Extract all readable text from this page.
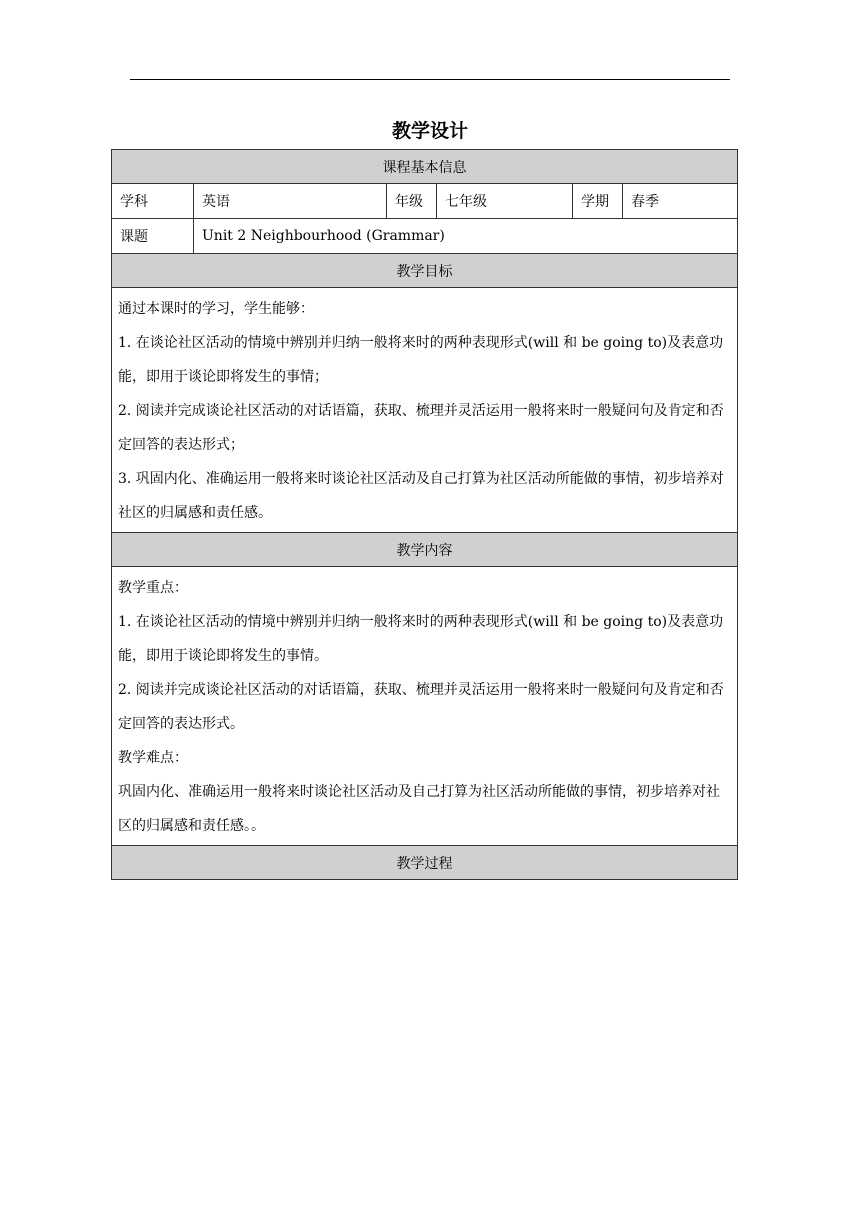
教学设计
课程基本信息					
学科	英语	年级	七年级	学期	春季
课题	Unit 2 Neighbourhood (Grammar)				
教学目标					

通过本课时的学习，学生能够：

1. 在谈论社区活动的情境中辨别并归纳一般将来时的两种表现形式(will 和 be going to)及表意功能，即用于谈论即将发生的事情；

2. 阅读并完成谈论社区活动的对话语篇，获取、梳理并灵活运用一般将来时一般疑问句及肯定和否定回答的表达形式；

3. 巩固内化、准确运用一般将来时谈论社区活动及自己打算为社区活动所能做的事情，初步培养对社区的归属感和责任感。					

教学内容					

教学重点：

1. 在谈论社区活动的情境中辨别并归纳一般将来时的两种表现形式(will 和 be going to)及表意功能，即用于谈论即将发生的事情。

2. 阅读并完成谈论社区活动的对话语篇，获取、梳理并灵活运用一般将来时一般疑问句及肯定和否定回答的表达形式。

教学难点：

巩固内化、准确运用一般将来时谈论社区活动及自己打算为社区活动所能做的事情，初步培养对社区的归属感和责任感。。					

教学过程					
